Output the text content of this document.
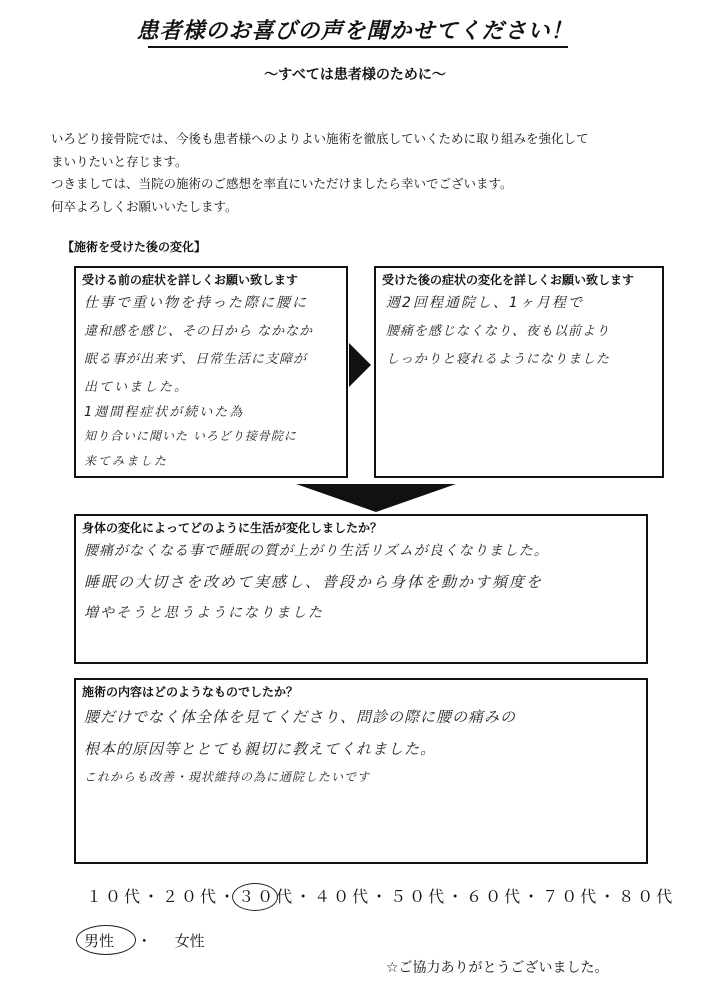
患者様のお喜びの声を聞かせてください！
～すべては患者様のために～

いろどり接骨院では、今後も患者様へのよりよい施術を徹底していくために取り組みを強化して

まいりたいと存じます。

つきましては、当院の施術のご感想を率直にいただけましたら幸いでございます。

何卒よろしくお願いいたします。

【施術を受けた後の変化】
受ける前の症状を詳しくお願い致します
仕事で重い物を持った際に腰に
違和感を感じ、その日から なかなか
眠る事が出来ず、日常生活に支障が
出ていました。
1週間程症状が続いた為
知り合いに聞いた いろどり接骨院に
来てみました
受けた後の症状の変化を詳しくお願い致します
週2回程通院し、1ヶ月程で
腰痛を感じなくなり、夜も以前より
しっかりと寝れるようになりました
身体の変化によってどのように生活が変化しましたか？
腰痛がなくなる事で睡眠の質が上がり生活リズムが良くなりました。
睡眠の大切さを改めて実感し、普段から身体を動かす頻度を
増やそうと思うようになりました
施術の内容はどのようなものでしたか？
腰だけでなく体全体を見てくださり、問診の際に腰の痛みの
根本的原因等ととても親切に教えてくれました。
これからも改善・現状維持の為に通院したいです
１０代・２０代・
３０代・４０代・５０代・６０代・７０代・８０代
男性 ・ 女性
☆ご協力ありがとうございました。
